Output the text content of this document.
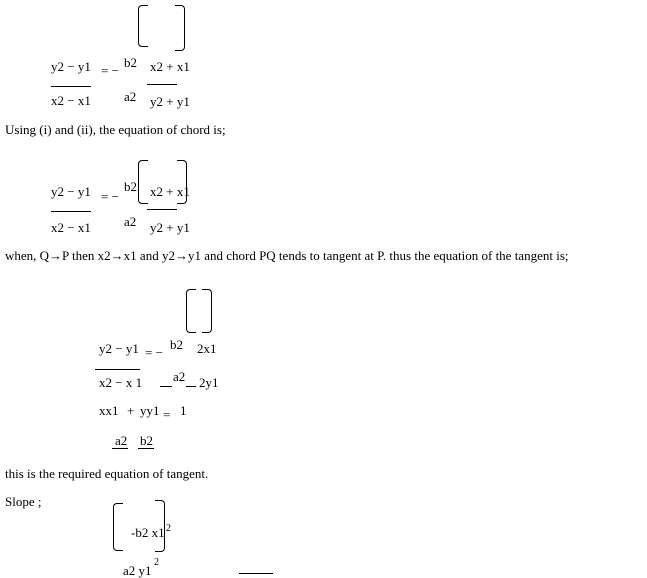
y2 − y1
x2 − x1
= −
b2 x2 + x1
a2 y2 + y1
Using (i) and (ii), the equation of chord is;
y2 − y1
x2 − x1
= −
b2 x2 + x1
a2 y2 + y1
when, Q→P then x2→x1 and y2→y1 and chord PQ tends to tangent at P. thus the equation of the tangent is;
y2 − y1
x2 − x 1
= −
b2 2x1
a2 2y1
xx1 + yy1 = 1
a2 b2
this is the required equation of tangent.
Slope ;
-b2 x1 2
a2 y1
2
